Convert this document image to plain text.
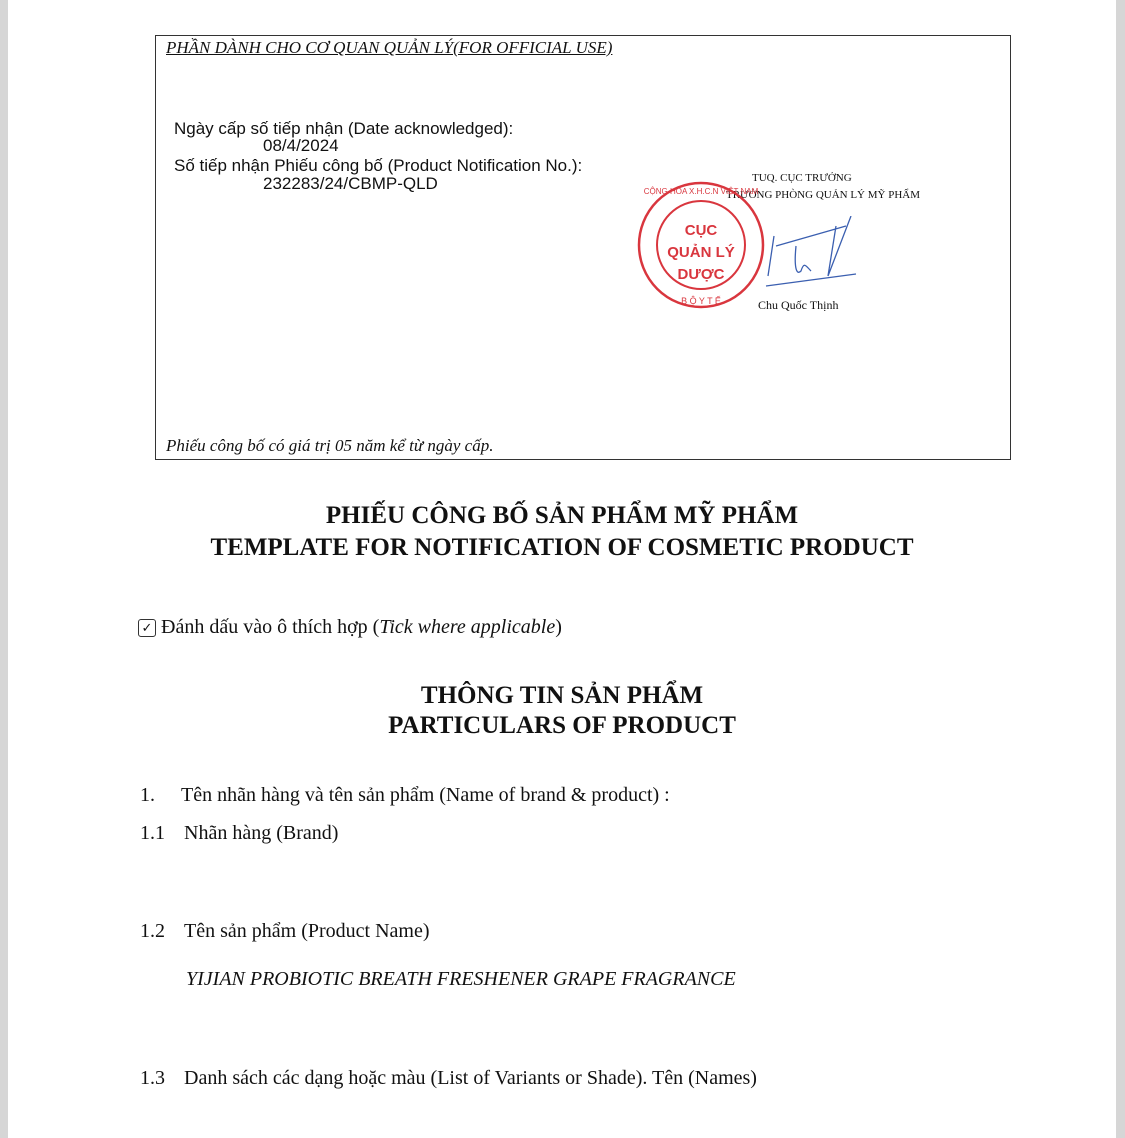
PHẦN DÀNH CHO CƠ QUAN QUẢN LÝ(FOR OFFICIAL USE)
Ngày cấp số tiếp nhận (Date acknowledged):
08/4/2024
Số tiếp nhận Phiếu công bố (Product Notification No.):
232283/24/CBMP-QLD	TUQ. CỤC TRƯỞNG
TRƯỞNG PHÒNG QUẢN LÝ MỸ PHẨM
Chu Quốc Thịnh
Phiếu công bố có giá trị 05 năm kể từ ngày cấp.
CỤC
QUẢN LÝ
DƯỢC
B Ộ Y T Ế
CỘNG HÒA X.H.C.N VIỆT NAM
PHIẾU CÔNG BỐ SẢN PHẨM MỸ PHẨM
TEMPLATE FOR NOTIFICATION OF COSMETIC PRODUCT
✓ Đánh dấu vào ô thích hợp (Tick where applicable)
THÔNG TIN SẢN PHẨM
PARTICULARS OF PRODUCT
1. Tên nhãn hàng và tên sản phẩm (Name of brand & product) :
1.1 Nhãn hàng (Brand)
1.2 Tên sản phẩm (Product Name)
YIJIAN PROBIOTIC BREATH FRESHENER GRAPE FRAGRANCE
1.3 Danh sách các dạng hoặc màu (List of Variants or Shade). Tên (Names)
